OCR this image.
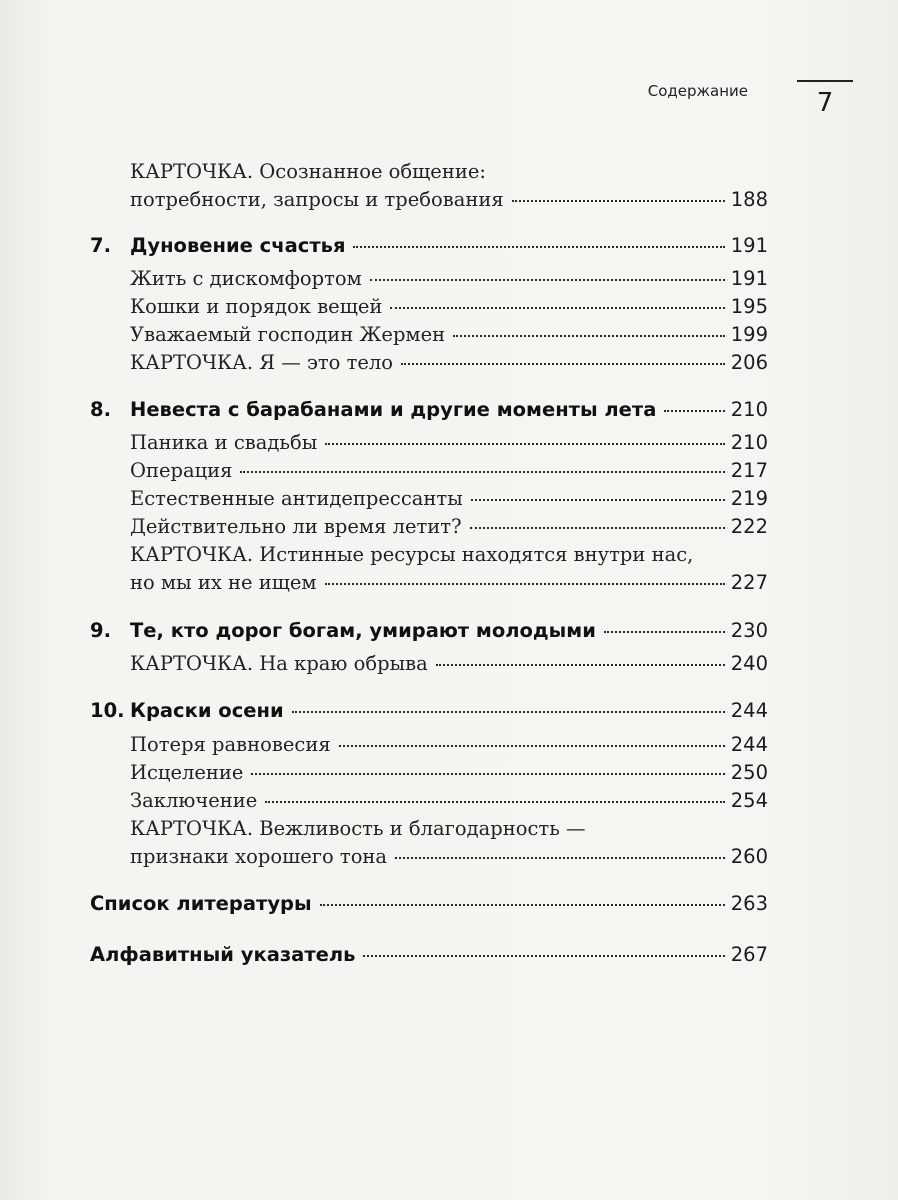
Содержание	7
КАРТОЧКА. Осознанное общение:
потребности, запросы и требования	188
7. Дуновение счастья	191
Жить с дискомфортом	191
Кошки и порядок вещей	195
Уважаемый господин Жермен	199
КАРТОЧКА. Я — это тело	206
8. Невеста с барабанами и другие моменты лета	210
Паника и свадьбы	210
Операция	217
Естественные антидепрессанты	219
Действительно ли время летит?	222
КАРТОЧКА. Истинные ресурсы находятся внутри нас,
но мы их не ищем	227
9. Те, кто дорог богам, умирают молодыми	230
КАРТОЧКА. На краю обрыва	240
10. Краски осени	244
Потеря равновесия	244
Исцеление	250
Заключение	254
КАРТОЧКА. Вежливость и благодарность —
признаки хорошего тона	260
Список литературы	263
Алфавитный указатель	267
